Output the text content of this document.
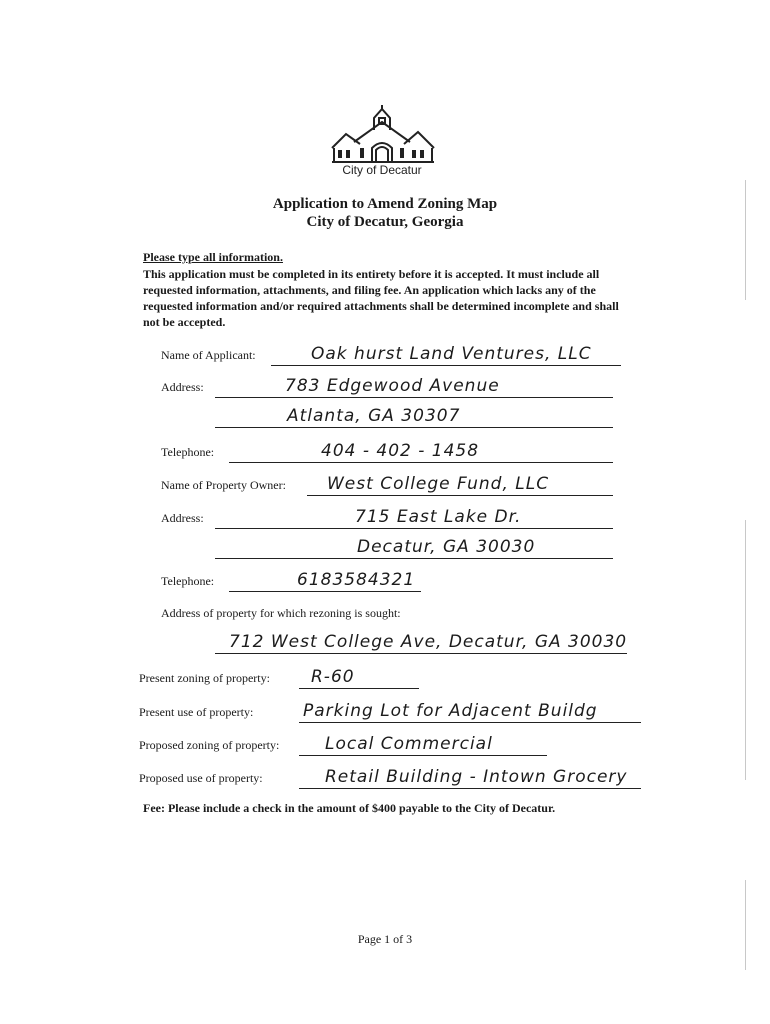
City of Decatur
Application to Amend Zoning Map
City of Decatur, Georgia
Please type all information.
This application must be completed in its entirety before it is accepted. It must include all requested information, attachments, and filing fee. An application which lacks any of the requested information and/or required attachments shall be determined incomplete and shall not be accepted.
Name of Applicant:	Oak hurst Land Ventures, LLC
Address:	783 Edgewood Avenue
Atlanta, GA 30307
Telephone:	404 - 402 - 1458
Name of Property Owner: West College Fund, LLC
Address:	715 East Lake Dr.
Decatur, GA 30030
Telephone:	6183584321
Address of property for which rezoning is sought:
712 West College Ave, Decatur, GA 30030
Present zoning of property: R-60
Present use of property:	Parking Lot for Adjacent Buildg
Proposed zoning of property:	Local Commercial
Proposed use of property:	Retail Building - Intown Grocery
Fee: Please include a check in the amount of $400 payable to the City of Decatur.
Page 1 of 3
